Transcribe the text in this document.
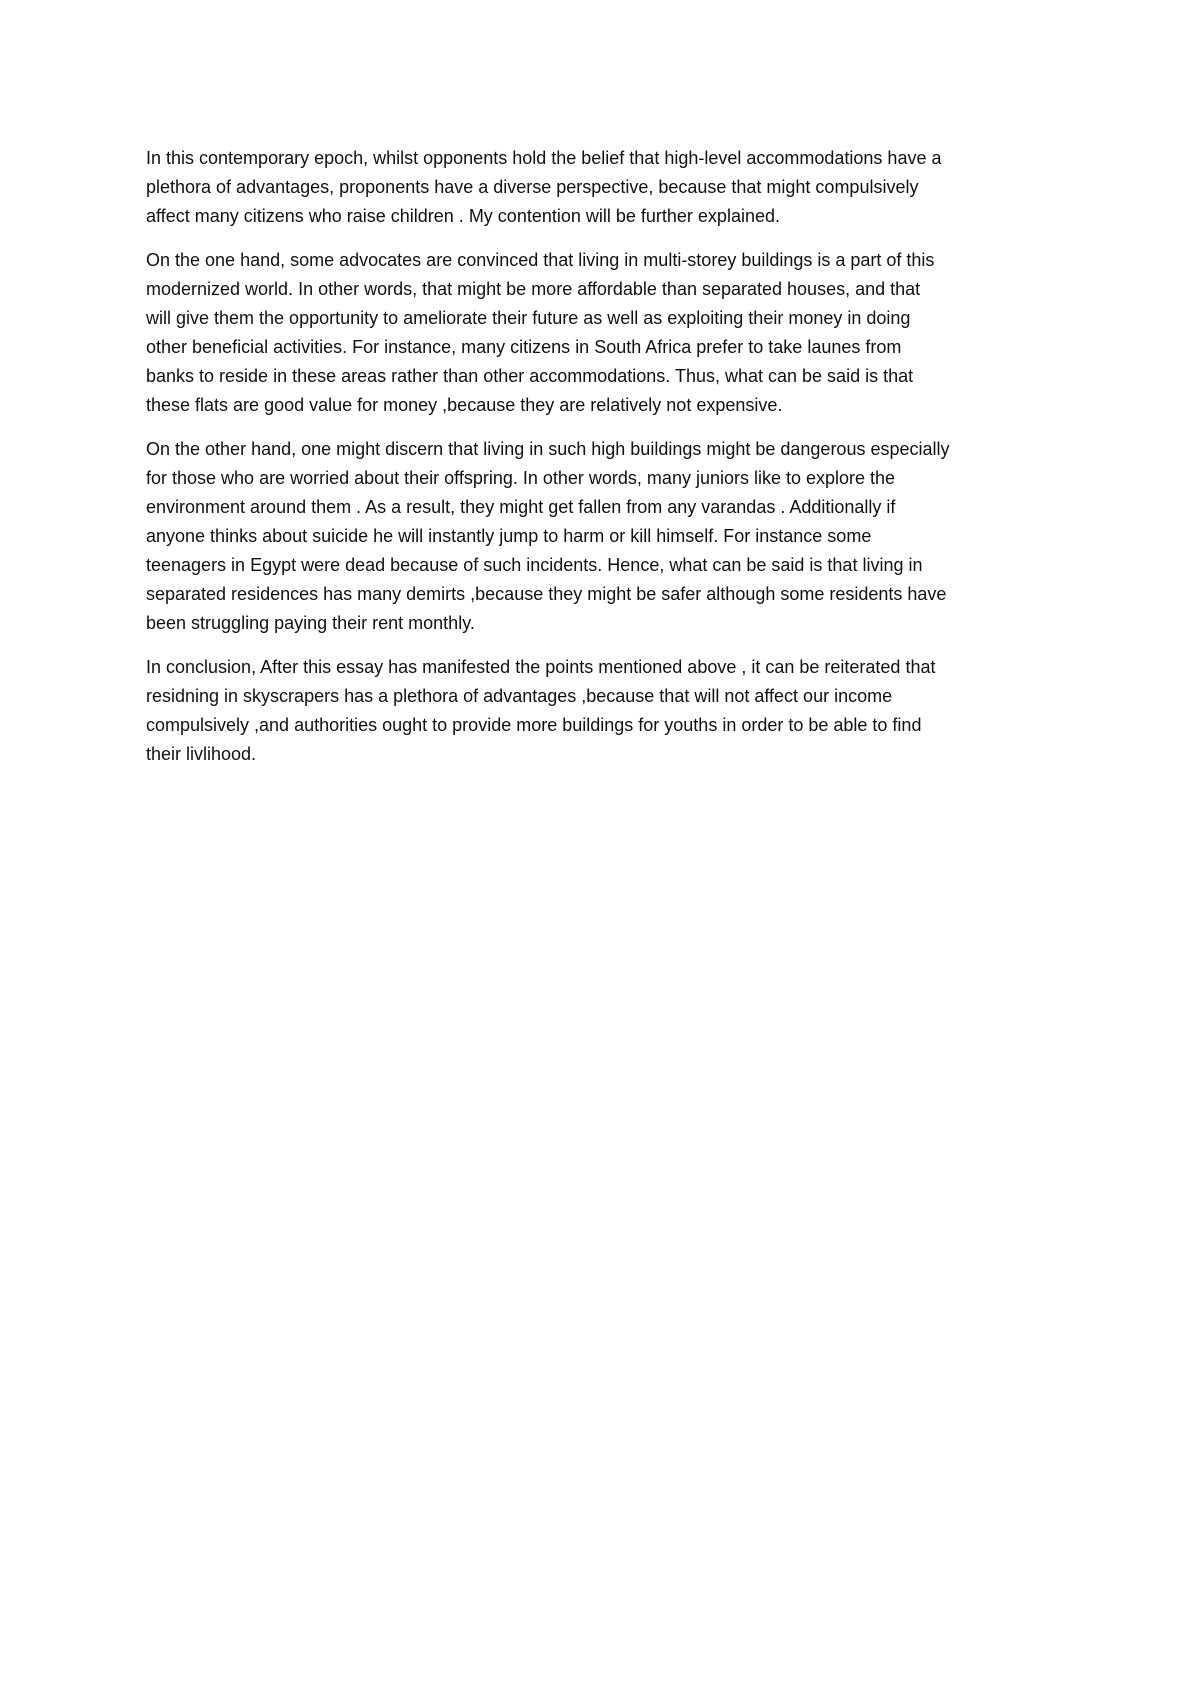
In this contemporary epoch, whilst opponents hold the belief that high-level accommodations have a
plethora of advantages, proponents have a diverse perspective, because that might compulsively
affect many citizens who raise children . My contention will be further explained.

On the one hand, some advocates are convinced that living in multi-storey buildings is a part of this
modernized world. In other words, that might be more affordable than separated houses, and that
will give them the opportunity to ameliorate their future as well as exploiting their money in doing
other beneficial activities. For instance, many citizens in South Africa prefer to take launes from
banks to reside in these areas rather than other accommodations. Thus, what can be said is that
these flats are good value for money ,because they are relatively not expensive.

On the other hand, one might discern that living in such high buildings might be dangerous especially
for those who are worried about their offspring. In other words, many juniors like to explore the
environment around them . As a result, they might get fallen from any varandas . Additionally if
anyone thinks about suicide he will instantly jump to harm or kill himself. For instance some
teenagers in Egypt were dead because of such incidents. Hence, what can be said is that living in
separated residences has many demirts ,because they might be safer although some residents have
been struggling paying their rent monthly.

In conclusion, After this essay has manifested the points mentioned above , it can be reiterated that
residning in skyscrapers has a plethora of advantages ,because that will not affect our income
compulsively ,and authorities ought to provide more buildings for youths in order to be able to find
their livlihood.
